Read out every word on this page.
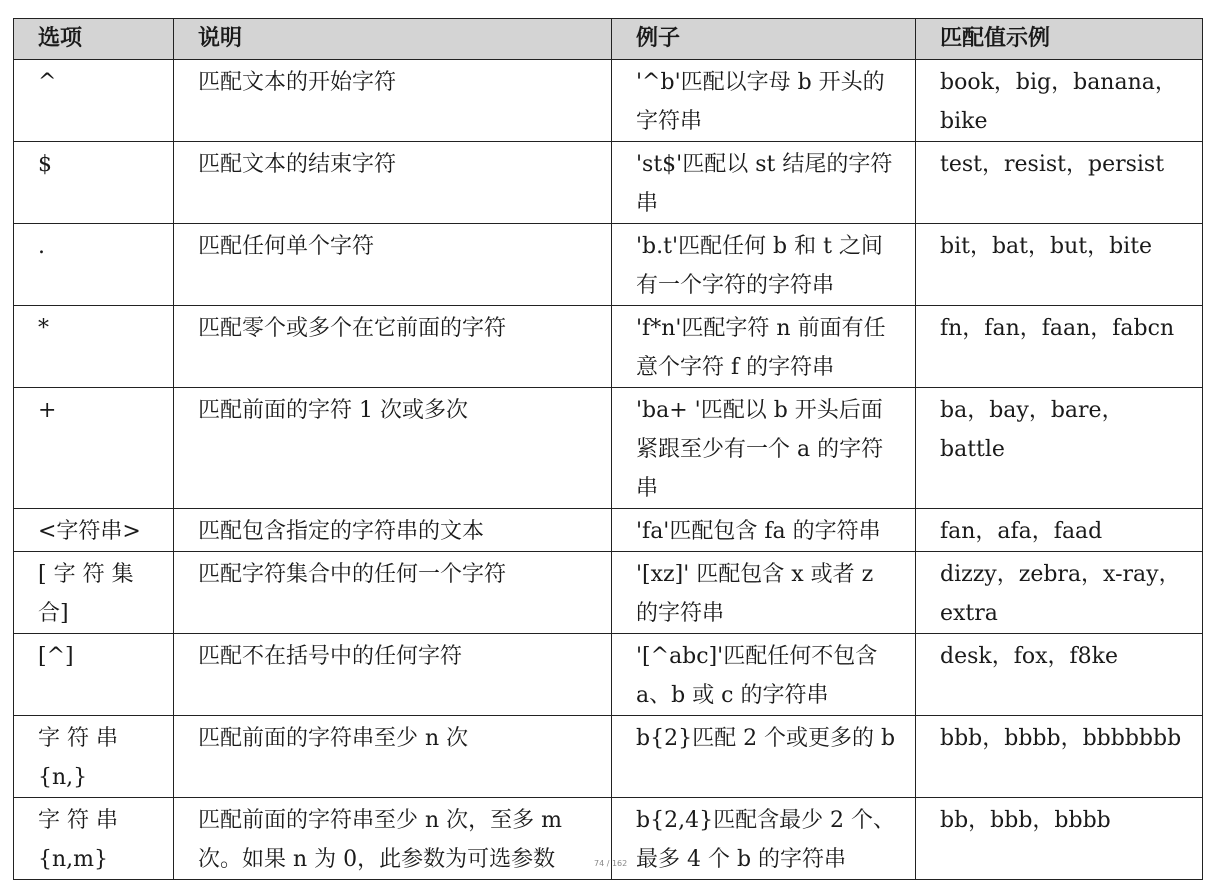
选项	说明	例子	匹配值示例
^	匹配文本的开始字符	'^b'匹配以字母 b 开头的字符串	book，big，banana，bike
$	匹配文本的结束字符	'st$'匹配以 st 结尾的字符串	test，resist，persist
.	匹配任何单个字符	'b.t'匹配任何 b 和 t 之间有一个字符的字符串	bit，bat，but，bite
*	匹配零个或多个在它前面的字符	'f*n'匹配字符 n 前面有任意个字符 f 的字符串	fn，fan，faan，fabcn
+	匹配前面的字符 1 次或多次	'ba+ '匹配以 b 开头后面紧跟至少有一个 a 的字符串	ba，bay，bare，battle
<字符串>	匹配包含指定的字符串的文本	'fa'匹配包含 fa 的字符串	fan，afa，faad
[ 字 符 集 合]	匹配字符集合中的任何一个字符	'[xz]' 匹配包含 x 或者 z 的字符串	dizzy，zebra，x-ray，extra
[^]	匹配不在括号中的任何字符	'[^abc]'匹配任何不包含 a、b 或 c 的字符串	desk，fox，f8ke
字 符 串 {n,}	匹配前面的字符串至少 n 次	b{2}匹配 2 个或更多的 b	bbb，bbbb，bbbbbbb
字 符 串 {n,m}	匹配前面的字符串至少 n 次，至多 m 次。如果 n 为 0，此参数为可选参数	b{2,4}匹配含最少 2 个、最多 4 个 b 的字符串	bb，bbb，bbbb
74 / 162
